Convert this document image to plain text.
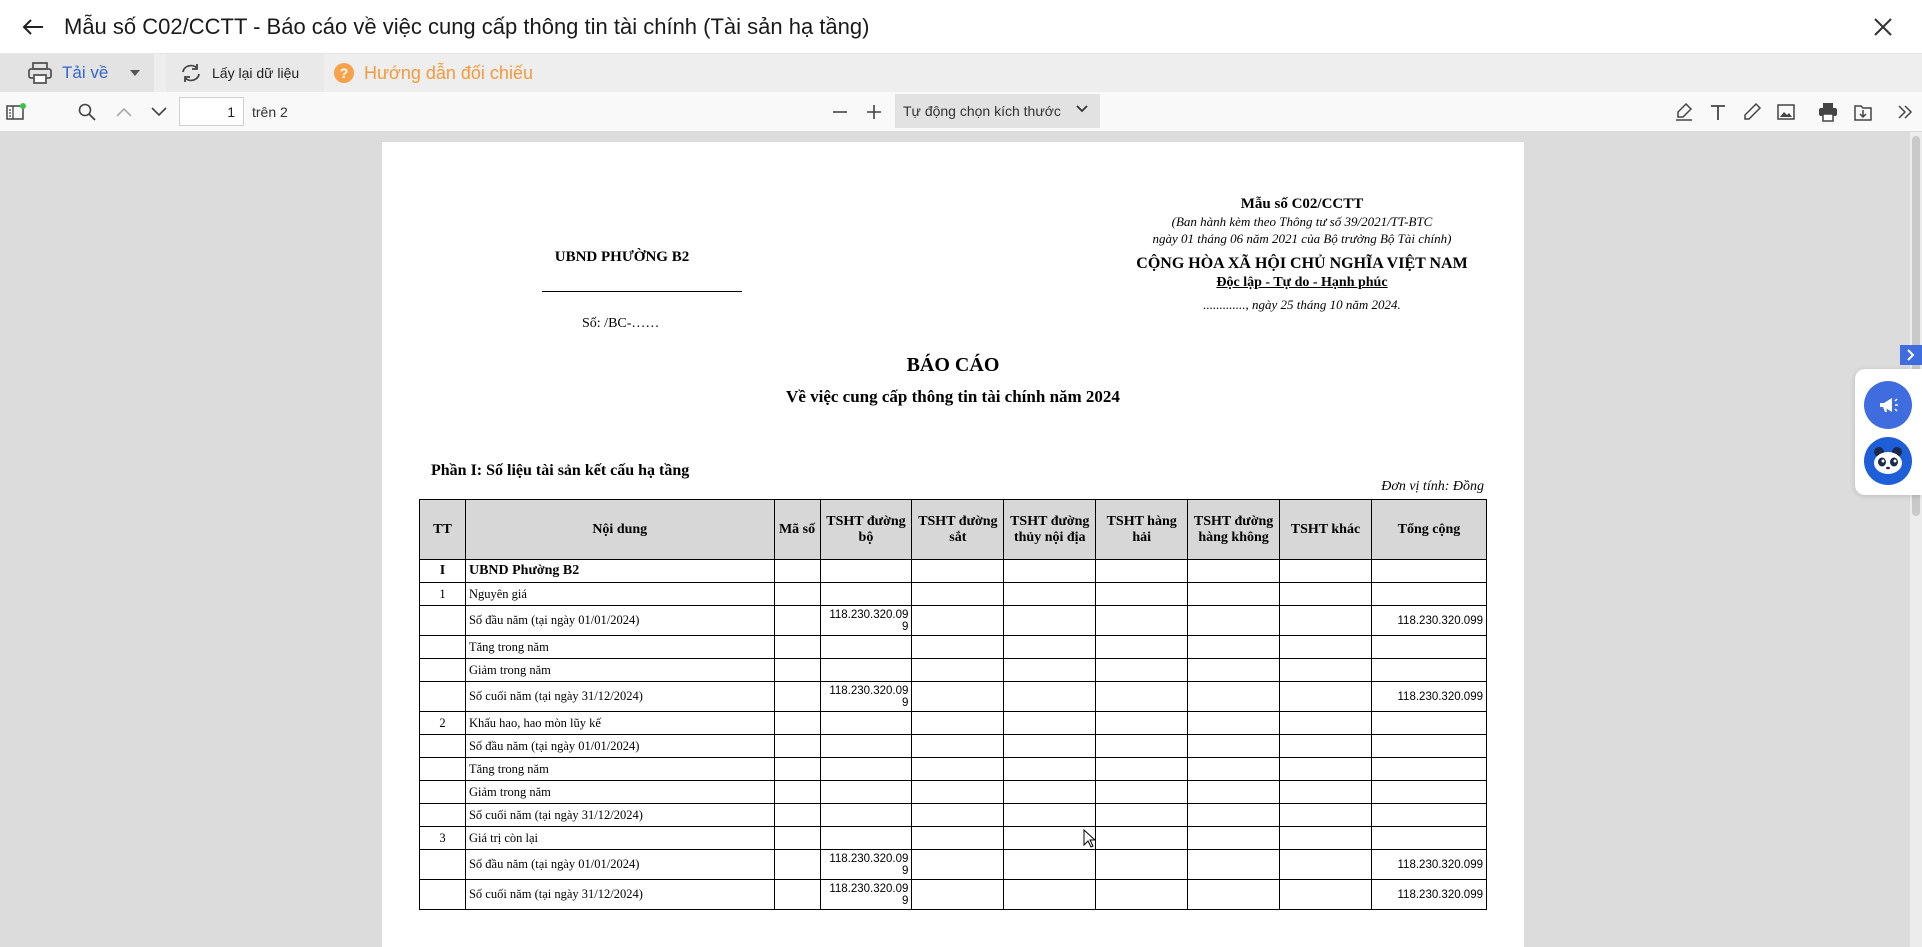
Mẫu số C02/CCTT - Báo cáo về việc cung cấp thông tin tài chính (Tài sản hạ tầng)
Tải về	Lấy lại dữ liệu	? Hướng dẫn đối chiếu
1
trên 2	Tự động chọn kích thước
UBND PHƯỜNG B2
Số: /BC-……
Mẫu số C02/CCTT
(Ban hành kèm theo Thông tư số 39/2021/TT-BTC
ngày 01 tháng 06 năm 2021 của Bộ trưởng Bộ Tài chính)
CỘNG HÒA XÃ HỘI CHỦ NGHĨA VIỆT NAM
Độc lập - Tự do - Hạnh phúc
............., ngày 25 tháng 10 năm 2024.
BÁO CÁO
Về việc cung cấp thông tin tài chính năm 2024
Phần I: Số liệu tài sản kết cấu hạ tầng
Đơn vị tính: Đồng
TT	Nội dung	Mã số	TSHT đường bộ	TSHT đường sắt	TSHT đường thủy nội địa	TSHT hàng hải	TSHT đường hàng không	TSHT khác	Tổng cộng
I	UBND Phường B2								
1	Nguyên giá								
	Số đầu năm (tại ngày 01/01/2024)		118.230.320.099						118.230.320.099
	Tăng trong năm								
	Giảm trong năm								
	Số cuối năm (tại ngày 31/12/2024)		118.230.320.099						118.230.320.099
2	Khấu hao, hao mòn lũy kế								
	Số đầu năm (tại ngày 01/01/2024)								
	Tăng trong năm								
	Giảm trong năm								
	Số cuối năm (tại ngày 31/12/2024)								
3	Giá trị còn lại								
	Số đầu năm (tại ngày 01/01/2024)		118.230.320.099						118.230.320.099
	Số cuối năm (tại ngày 31/12/2024)		118.230.320.099						118.230.320.099
